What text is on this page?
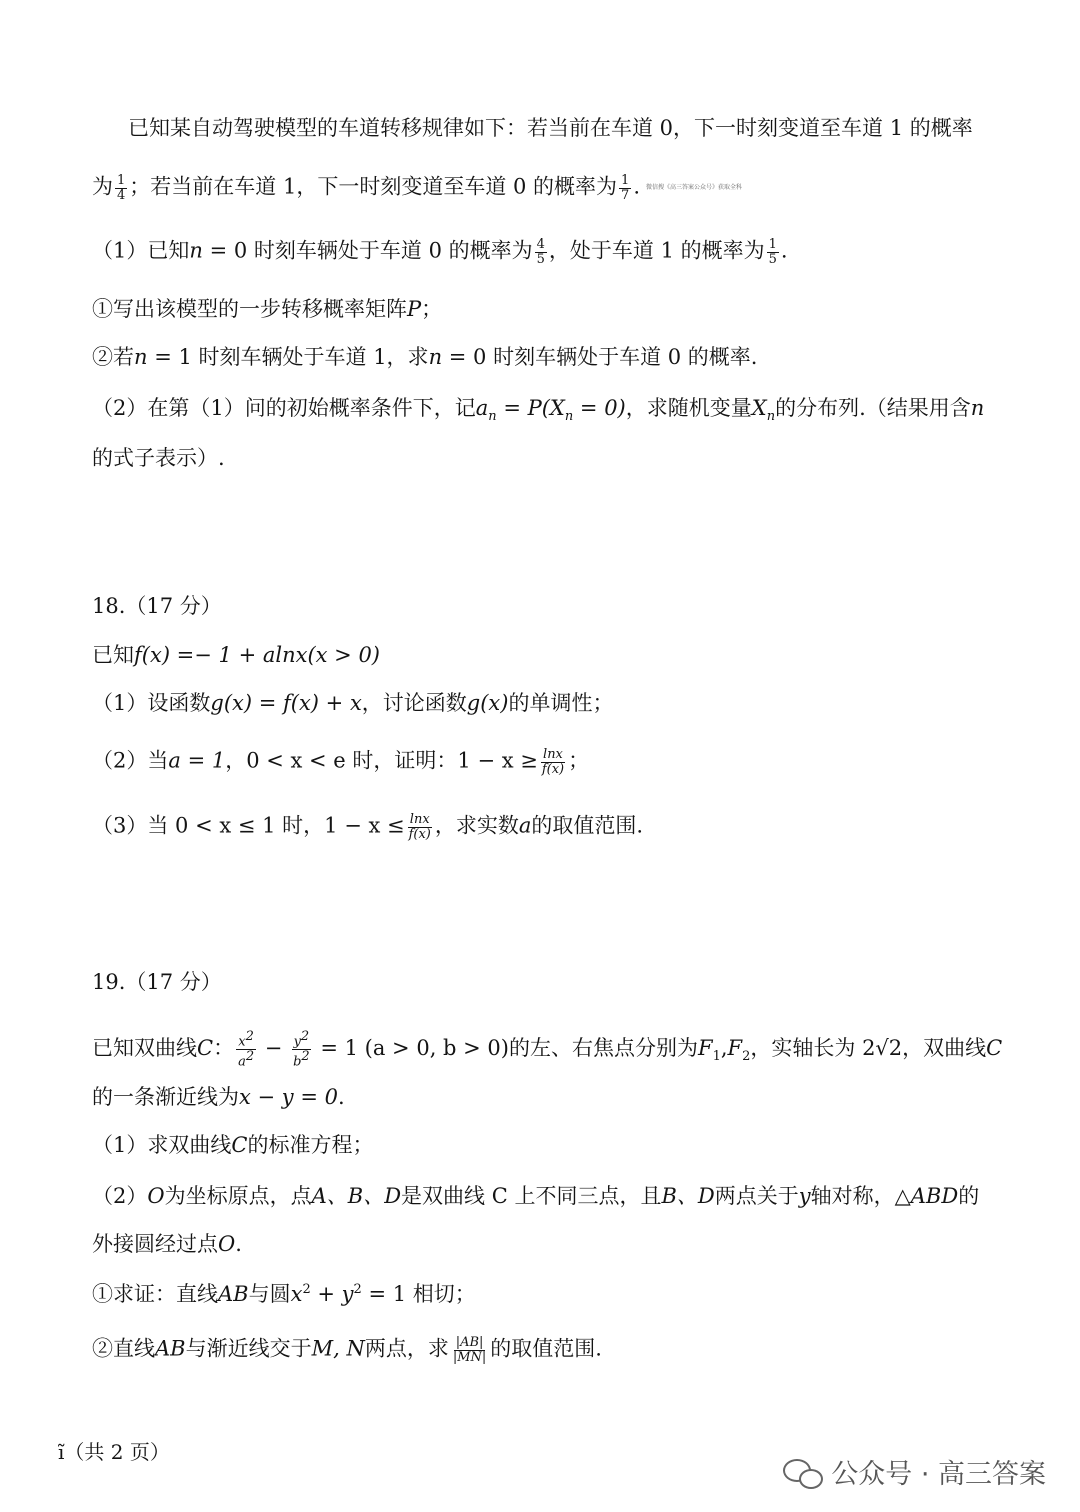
已知某自动驾驶模型的车道转移规律如下：若当前在车道 0，下一时刻变道至车道 1 的概率
为 $\frac{1}{4}$ ；若当前在车道 1，下一时刻变道至车道 0 的概率为 $\frac{1}{7}$ . 微信搜《高三答案公众号》获取全科
（1）已知n = 0 时刻车辆处于车道 0 的概率为 $\frac{4}{5}$ ，处于车道 1 的概率为 $\frac{1}{5}$ .
①写出该模型的一步转移概率矩阵P；
②若n = 1 时刻车辆处于车道 1，求n = 0 时刻车辆处于车道 0 的概率.
（2）在第（1）问的初始概率条件下，记$a_n = P(X_n = 0)$，求随机变量$X_n$的分布列.（结果用含n
的式子表示）.
18.（17 分）
已知f(x) =− 1 + alnx(x > 0)
（1）设函数g(x) = f(x) + x，讨论函数g(x)的单调性；
（2）当a = 1，0 < x < e 时，证明：$1 - x \ge \frac{\ln x}{f(x)}$ ；
（3）当 0 < x ≤ 1 时，$1 - x \le \frac{\ln x}{f(x)}$ ，求实数a的取值范围.
19.（17 分）
已知双曲线C： $\frac{x2}{a2} - \frac{y2}{b2} = 1$ (a > 0, b > 0)的左、右焦点分别为$F_1,F_2$，实轴长为 2√2，双曲线C
的一条渐近线为x − y = 0.
（1）求双曲线C的标准方程；
（2）O为坐标原点，点A、B、D是双曲线 C 上不同三点，且B、D两点关于y轴对称，△ABD的
外接圆经过点O.
①求证：直线AB与圆$x^2 + y^2 = 1$ 相切；
②直线AB与渐近线交于M, N两点，求 $\frac{|AB|}{|MN|}$ 的取值范围.
ĩ（共 2 页）
公众号 · 高三答案
